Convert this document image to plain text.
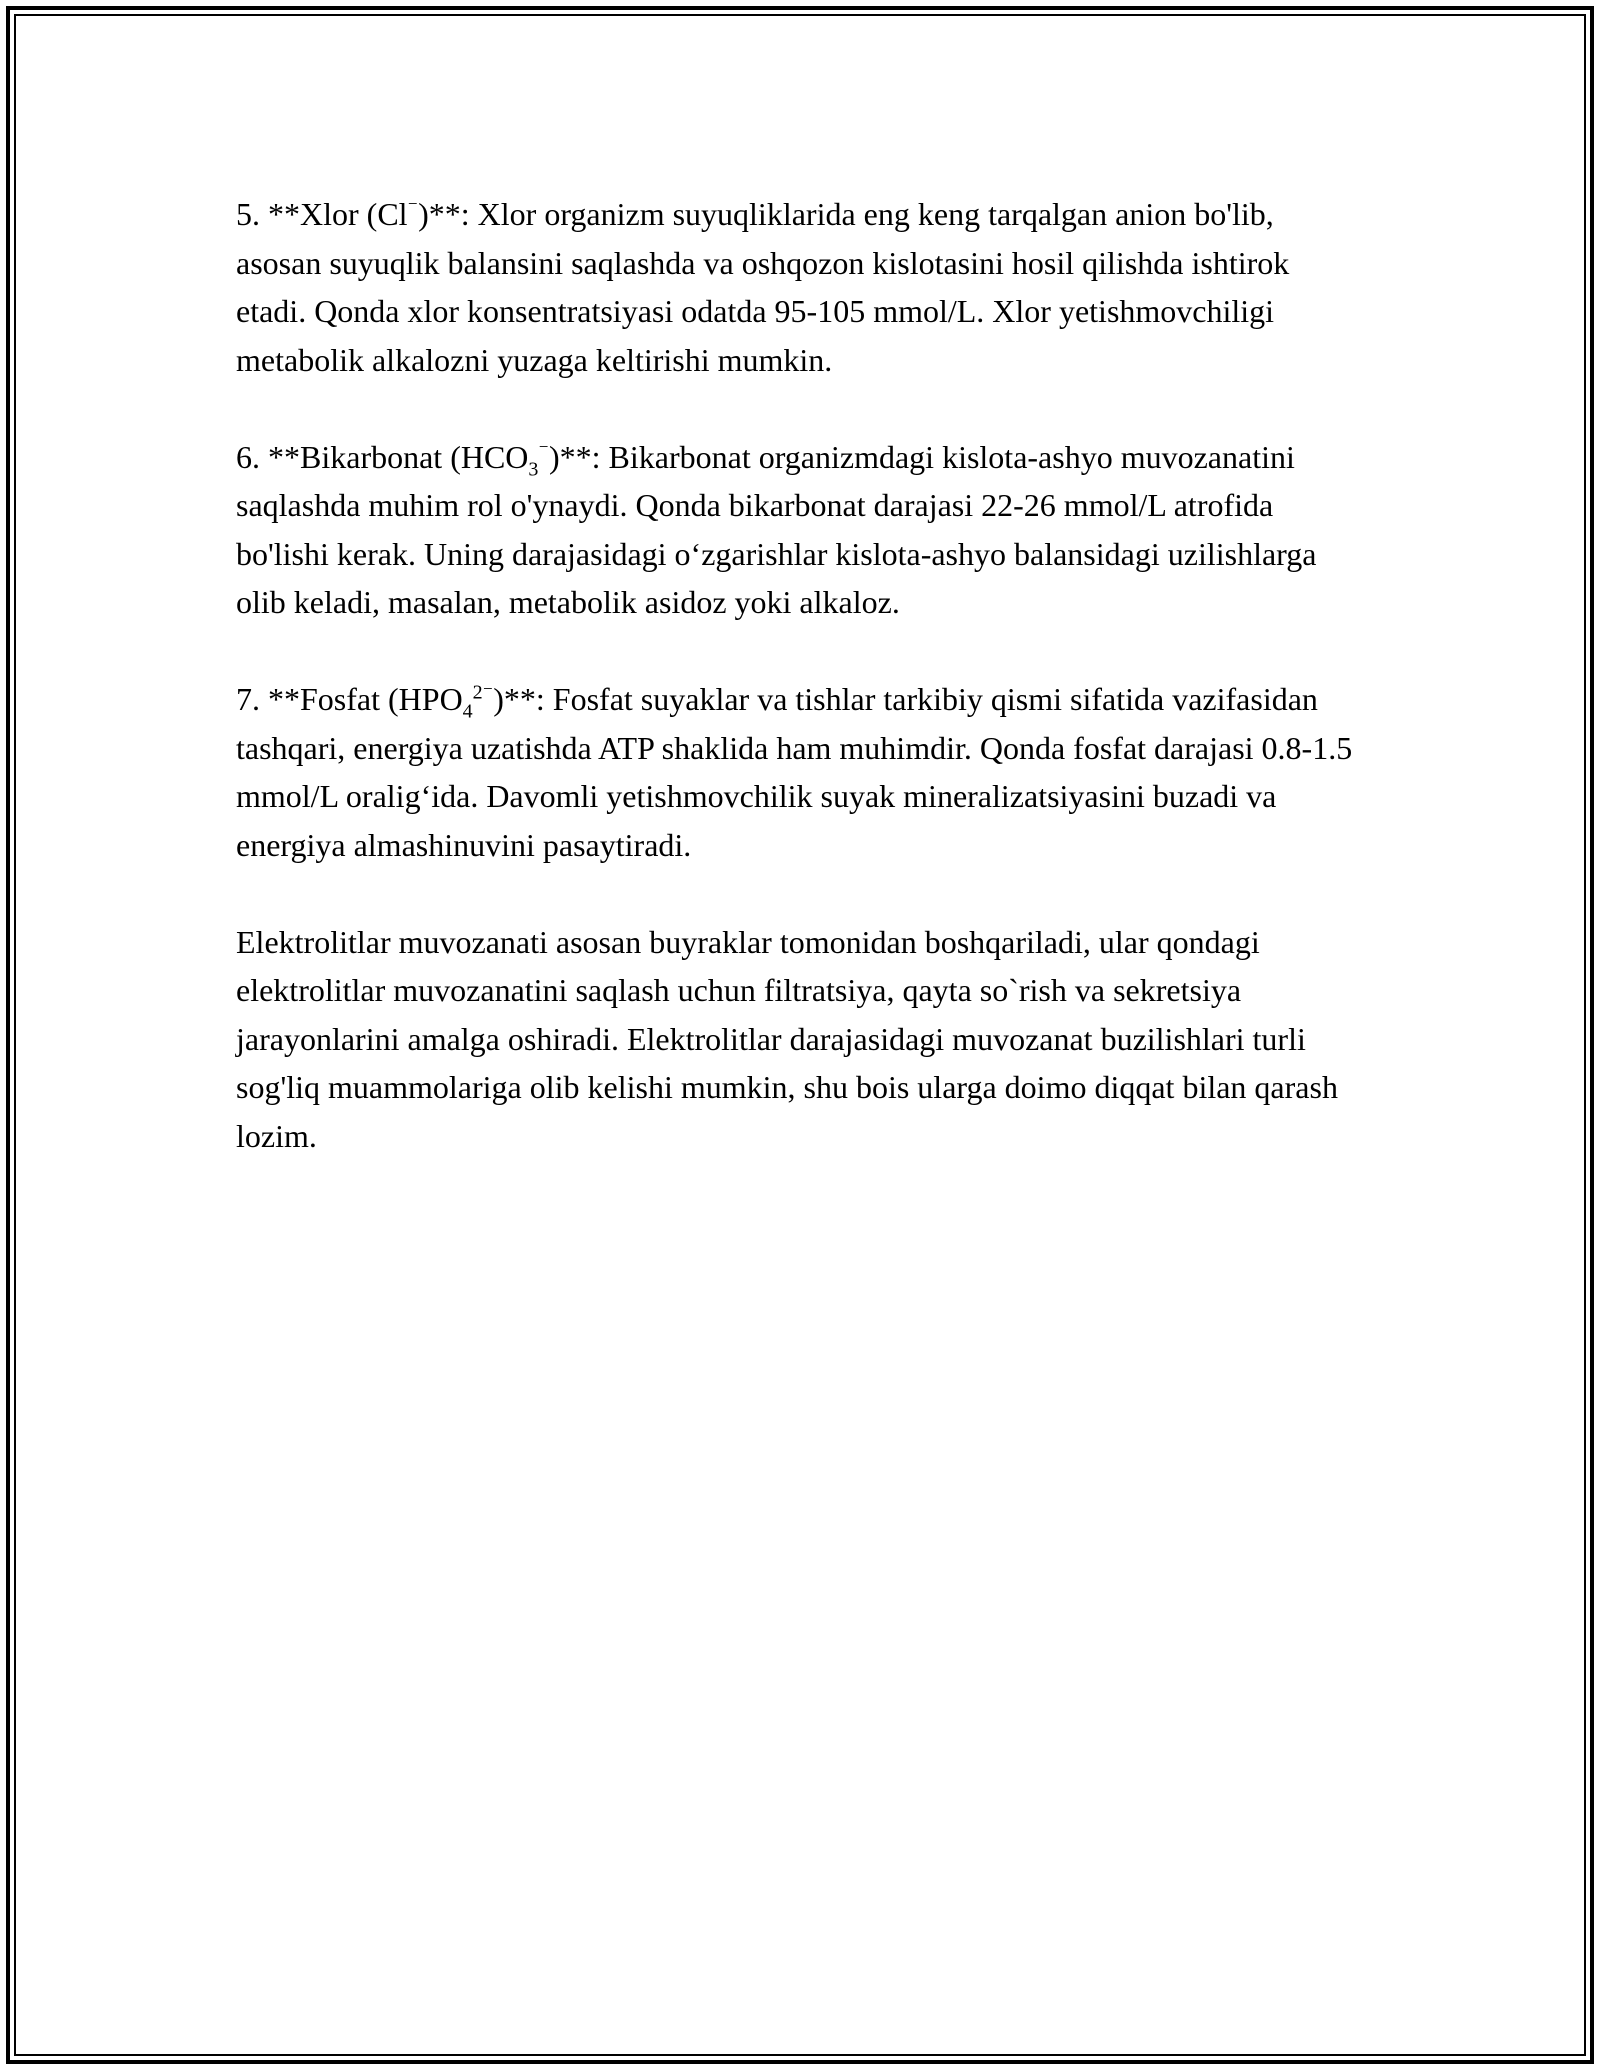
5. **Xlor (Cl⁻)**: Xlor organizm suyuqliklarida eng keng tarqalgan anion bo'lib, asosan suyuqlik balansini saqlashda va oshqozon kislotasini hosil qilishda ishtirok etadi. Qonda xlor konsentratsiyasi odatda 95-105 mmol/L. Xlor yetishmovchiligi metabolik alkalozni yuzaga keltirishi mumkin.

6. **Bikarbonat $(HCO_3^{^-})**$: Bikarbonat organizmdagi kislota-ashyo muvozanatini saqlashda muhim rol o'ynaydi. Qonda bikarbonat darajasi 22-26 mmol/L atrofida bo'lishi kerak. Uning darajasidagi o‘zgarishlar kislota-ashyo balansidagi uzilishlarga olib keladi, masalan, metabolik asidoz yoki alkaloz.

7. **Fosfat $(HPO_4^{2^-})**$: Fosfat suyaklar va tishlar tarkibiy qismi sifatida vazifasidan tashqari, energiya uzatishda ATP shaklida ham muhimdir. Qonda fosfat darajasi 0.8-1.5 mmol/L oralig‘ida. Davomli yetishmovchilik suyak mineralizatsiyasini buzadi va energiya almashinuvini pasaytiradi.

Elektrolitlar muvozanati asosan buyraklar tomonidan boshqariladi, ular qondagi elektrolitlar muvozanatini saqlash uchun filtratsiya, qayta so`rish va sekretsiya jarayonlarini amalga oshiradi. Elektrolitlar darajasidagi muvozanat buzilishlari turli sog'liq muammolariga olib kelishi mumkin, shu bois ularga doimo diqqat bilan qarash lozim.
